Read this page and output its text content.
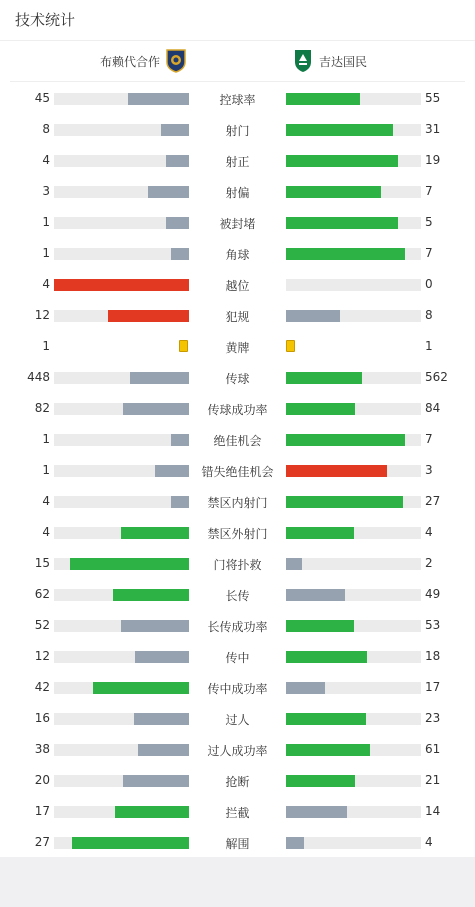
技术统计
布赖代合作	吉达国民
45	控球率	55
8	射门	31
4	射正	19
3	射偏	7
1	被封堵	5
1	角球	7
4	越位	0
12	犯规	8
1	黄牌	1
448	传球	562
82	传球成功率	84
1	绝佳机会	7
1	错失绝佳机会	3
4	禁区内射门	27
4	禁区外射门	4
15	门将扑救	2
62	长传	49
52	长传成功率	53
12	传中	18
42	传中成功率	17
16	过人	23
38	过人成功率	61
20	抢断	21
17	拦截	14
27	解围	4
